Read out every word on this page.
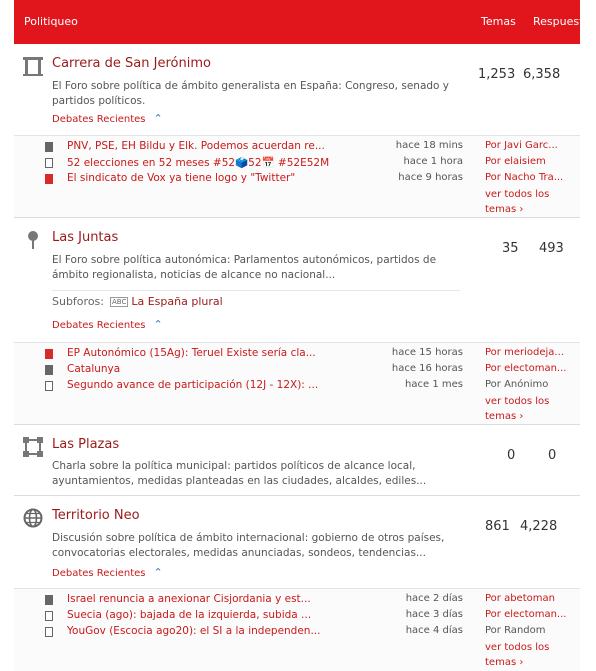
Politiqueo	Temas Respuestas
Carrera de San Jerónimo
El Foro sobre política de ámbito generalista en España: Congreso, senado y
partidos políticos.
1,253 6,358
Debates Recientes ⌃
PNV, PSE, EH Bildu y Elk. Podemos acuerdan re...	hace 18 mins Por Javi Garc...
52 elecciones en 52 meses #52🗳️52📅 #52E52M	hace 1 hora Por elaisiem
El sindicato de Vox ya tiene logo y "Twitter"	hace 9 horas Por Nacho Tra...
ver todos los
temas ›
Las Juntas
El Foro sobre política autonómica: Parlamentos autonómicos, partidos de
ámbito regionalista, noticias de alcance no nacional...
35 493
Subforos: ABC La España plural
Debates Recientes ⌃
EP Autonómico (15Ag): Teruel Existe sería cla...	hace 15 horas Por meriodeja...
Catalunya	hace 16 horas Por electoman...
Segundo avance de participación (12J - 12X): ...	hace 1 mes Por Anónimo
ver todos los
temas ›
Las Plazas
Charla sobre la política municipal: partidos políticos de alcance local,
ayuntamientos, medidas planteadas en las ciudades, alcaldes, ediles...
0	0
Territorio Neo
Discusión sobre política de ámbito internacional: gobierno de otros países,
convocatorias electorales, medidas anunciadas, sondeos, tendencias...
861 4,228
Debates Recientes ⌃
Israel renuncia a anexionar Cisjordania y est...	hace 2 días Por abetoman
Suecia (ago): bajada de la izquierda, subida ...	hace 3 días Por electoman...
YouGov (Escocia ago20): el SI a la independen...	hace 4 días Por Random
ver todos los
temas ›
